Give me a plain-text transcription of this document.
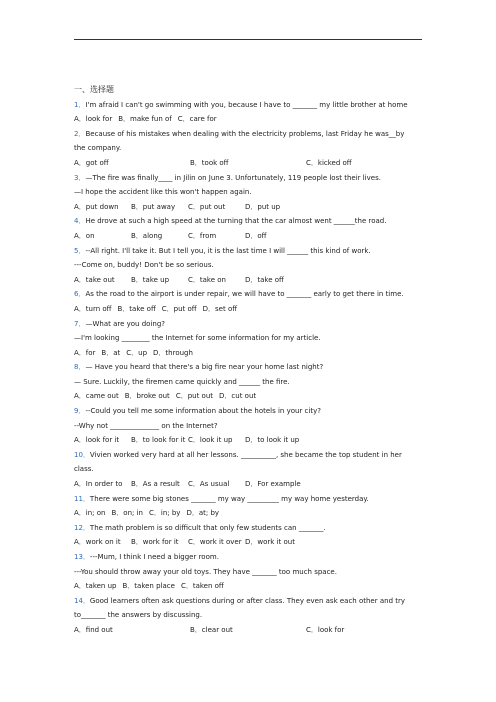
一、选择题
1．I'm afraid I can't go swimming with you, because I have to _______ my little brother at home
A．look for B．make fun of C．care for
2．Because of his mistakes when dealing with the electricity problems, last Friday he was__by
the company.
A．got off	B．took off	C．kicked off
3．—The fire was finally____ in Jilin on June 3. Unfortunately, 119 people lost their lives.
—I hope the accident like this won't happen again.
A．put down	B．put away	C．put out	D．put up
4．He drove at such a high speed at the turning that the car almost went ______the road.
A．on	B．along	C．from	D．off
5．--All right. I'll take it. But I tell you, it is the last time I will ______ this kind of work.
---Come on, buddy! Don't be so serious.
A．take out	B．take up	C．take on	D．take off
6．As the road to the airport is under repair, we will have to _______ early to get there in time.
A．turn off B．take off C．put off D．set off
7．—What are you doing?
—I'm looking ________ the Internet for some information for my article.
A．for B．at C．up D．through
8．— Have you heard that there's a big fire near your home last night?
— Sure. Luckily, the firemen came quickly and ______ the fire.
A．came out B．broke out C．put out D．cut out
9．--Could you tell me some information about the hotels in your city?
--Why not ______________ on the Internet?
A．look for it	B．to look for it C．look it up	D．to look it up
10．Vivien worked very hard at all her lessons. __________, she became the top student in her
class.
A．In order to	B．As a result	C．As usual	D．For example
11．There were some big stones _______ my way _________ my way home yesterday.
A．in; on B．on; in C．in; by D．at; by
12．The math problem is so difficult that only few students can _______.
A．work on it	B．work for it	C．work it over D．work it out
13．---Mum, I think I need a bigger room.
---You should throw away your old toys. They have _______ too much space.
A．taken up B．taken place C．taken off
14．Good learners often ask questions during or after class. They even ask each other and try
to_______ the answers by discussing.
A．find out	B．clear out	C．look for
